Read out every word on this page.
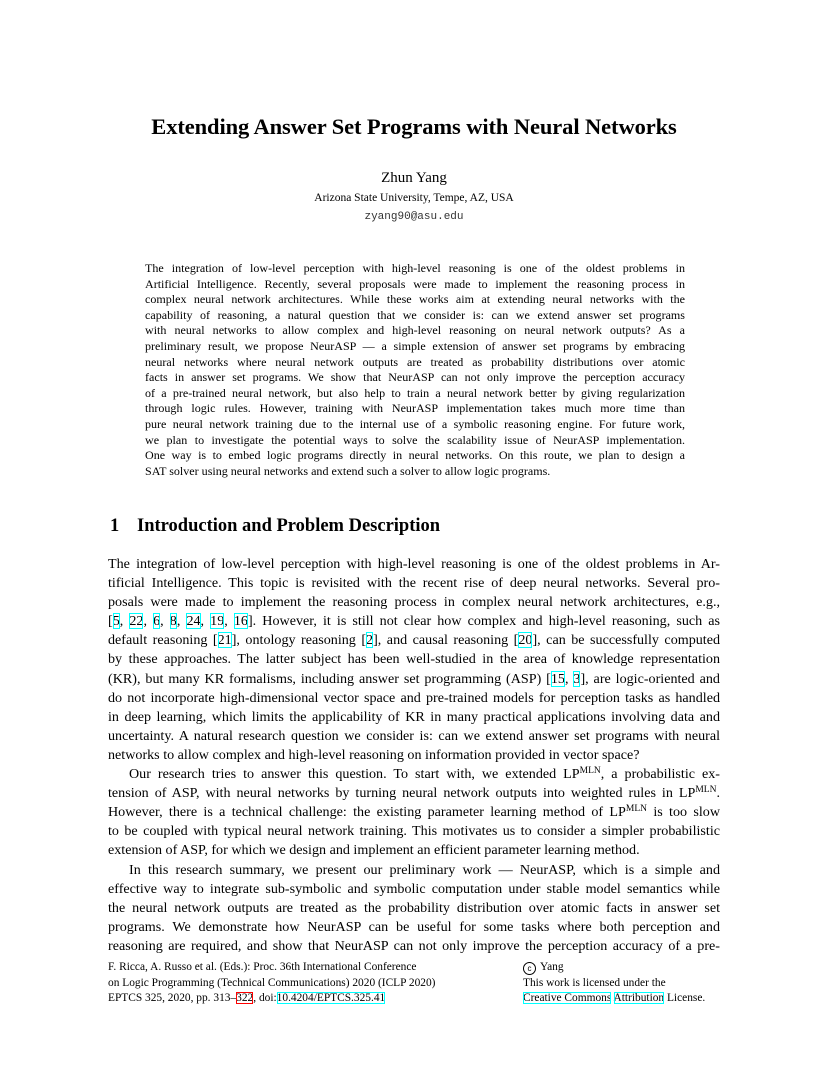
Extending Answer Set Programs with Neural Networks
Zhun Yang
Arizona State University, Tempe, AZ, USA
zyang90@asu.edu
The integration of low-level perception with high-level reasoning is one of the oldest problems in
Artificial Intelligence. Recently, several proposals were made to implement the reasoning process in
complex neural network architectures. While these works aim at extending neural networks with the
capability of reasoning, a natural question that we consider is: can we extend answer set programs
with neural networks to allow complex and high-level reasoning on neural network outputs? As a
preliminary result, we propose NeurASP — a simple extension of answer set programs by embracing
neural networks where neural network outputs are treated as probability distributions over atomic
facts in answer set programs. We show that NeurASP can not only improve the perception accuracy
of a pre-trained neural network, but also help to train a neural network better by giving regularization
through logic rules. However, training with NeurASP implementation takes much more time than
pure neural network training due to the internal use of a symbolic reasoning engine. For future work,
we plan to investigate the potential ways to solve the scalability issue of NeurASP implementation.
One way is to embed logic programs directly in neural networks. On this route, we plan to design a
SAT solver using neural networks and extend such a solver to allow logic programs.
1 Introduction and Problem Description
The integration of low-level perception with high-level reasoning is one of the oldest problems in Ar-
tificial Intelligence. This topic is revisited with the recent rise of deep neural networks. Several pro-
posals were made to implement the reasoning process in complex neural network architectures, e.g.,
[5, 22, 6, 8, 24, 19, 16]. However, it is still not clear how complex and high-level reasoning, such as
default reasoning [21], ontology reasoning [2], and causal reasoning [20], can be successfully computed
by these approaches. The latter subject has been well-studied in the area of knowledge representation
(KR), but many KR formalisms, including answer set programming (ASP) [15, 3], are logic-oriented and
do not incorporate high-dimensional vector space and pre-trained models for perception tasks as handled
in deep learning, which limits the applicability of KR in many practical applications involving data and
uncertainty. A natural research question we consider is: can we extend answer set programs with neural
networks to allow complex and high-level reasoning on information provided in vector space?
Our research tries to answer this question. To start with, we extended $LP^{MLN}$, a probabilistic ex-
tension of ASP, with neural networks by turning neural network outputs into weighted rules in $LP^{MLN}$.
However, there is a technical challenge: the existing parameter learning method of $LP^{MLN}$ is too slow
to be coupled with typical neural network training. This motivates us to consider a simpler probabilistic
extension of ASP, for which we design and implement an efficient parameter learning method.
In this research summary, we present our preliminary work — NeurASP, which is a simple and
effective way to integrate sub-symbolic and symbolic computation under stable model semantics while
the neural network outputs are treated as the probability distribution over atomic facts in answer set
programs. We demonstrate how NeurASP can be useful for some tasks where both perception and
reasoning are required, and show that NeurASP can not only improve the perception accuracy of a pre-
F. Ricca, A. Russo et al. (Eds.): Proc. 36th International Conference
on Logic Programming (Technical Communications) 2020 (ICLP 2020)
EPTCS 325, 2020, pp. 313–322, doi:10.4204/EPTCS.325.41
c Yang
This work is licensed under the
Creative Commons Attribution License.
